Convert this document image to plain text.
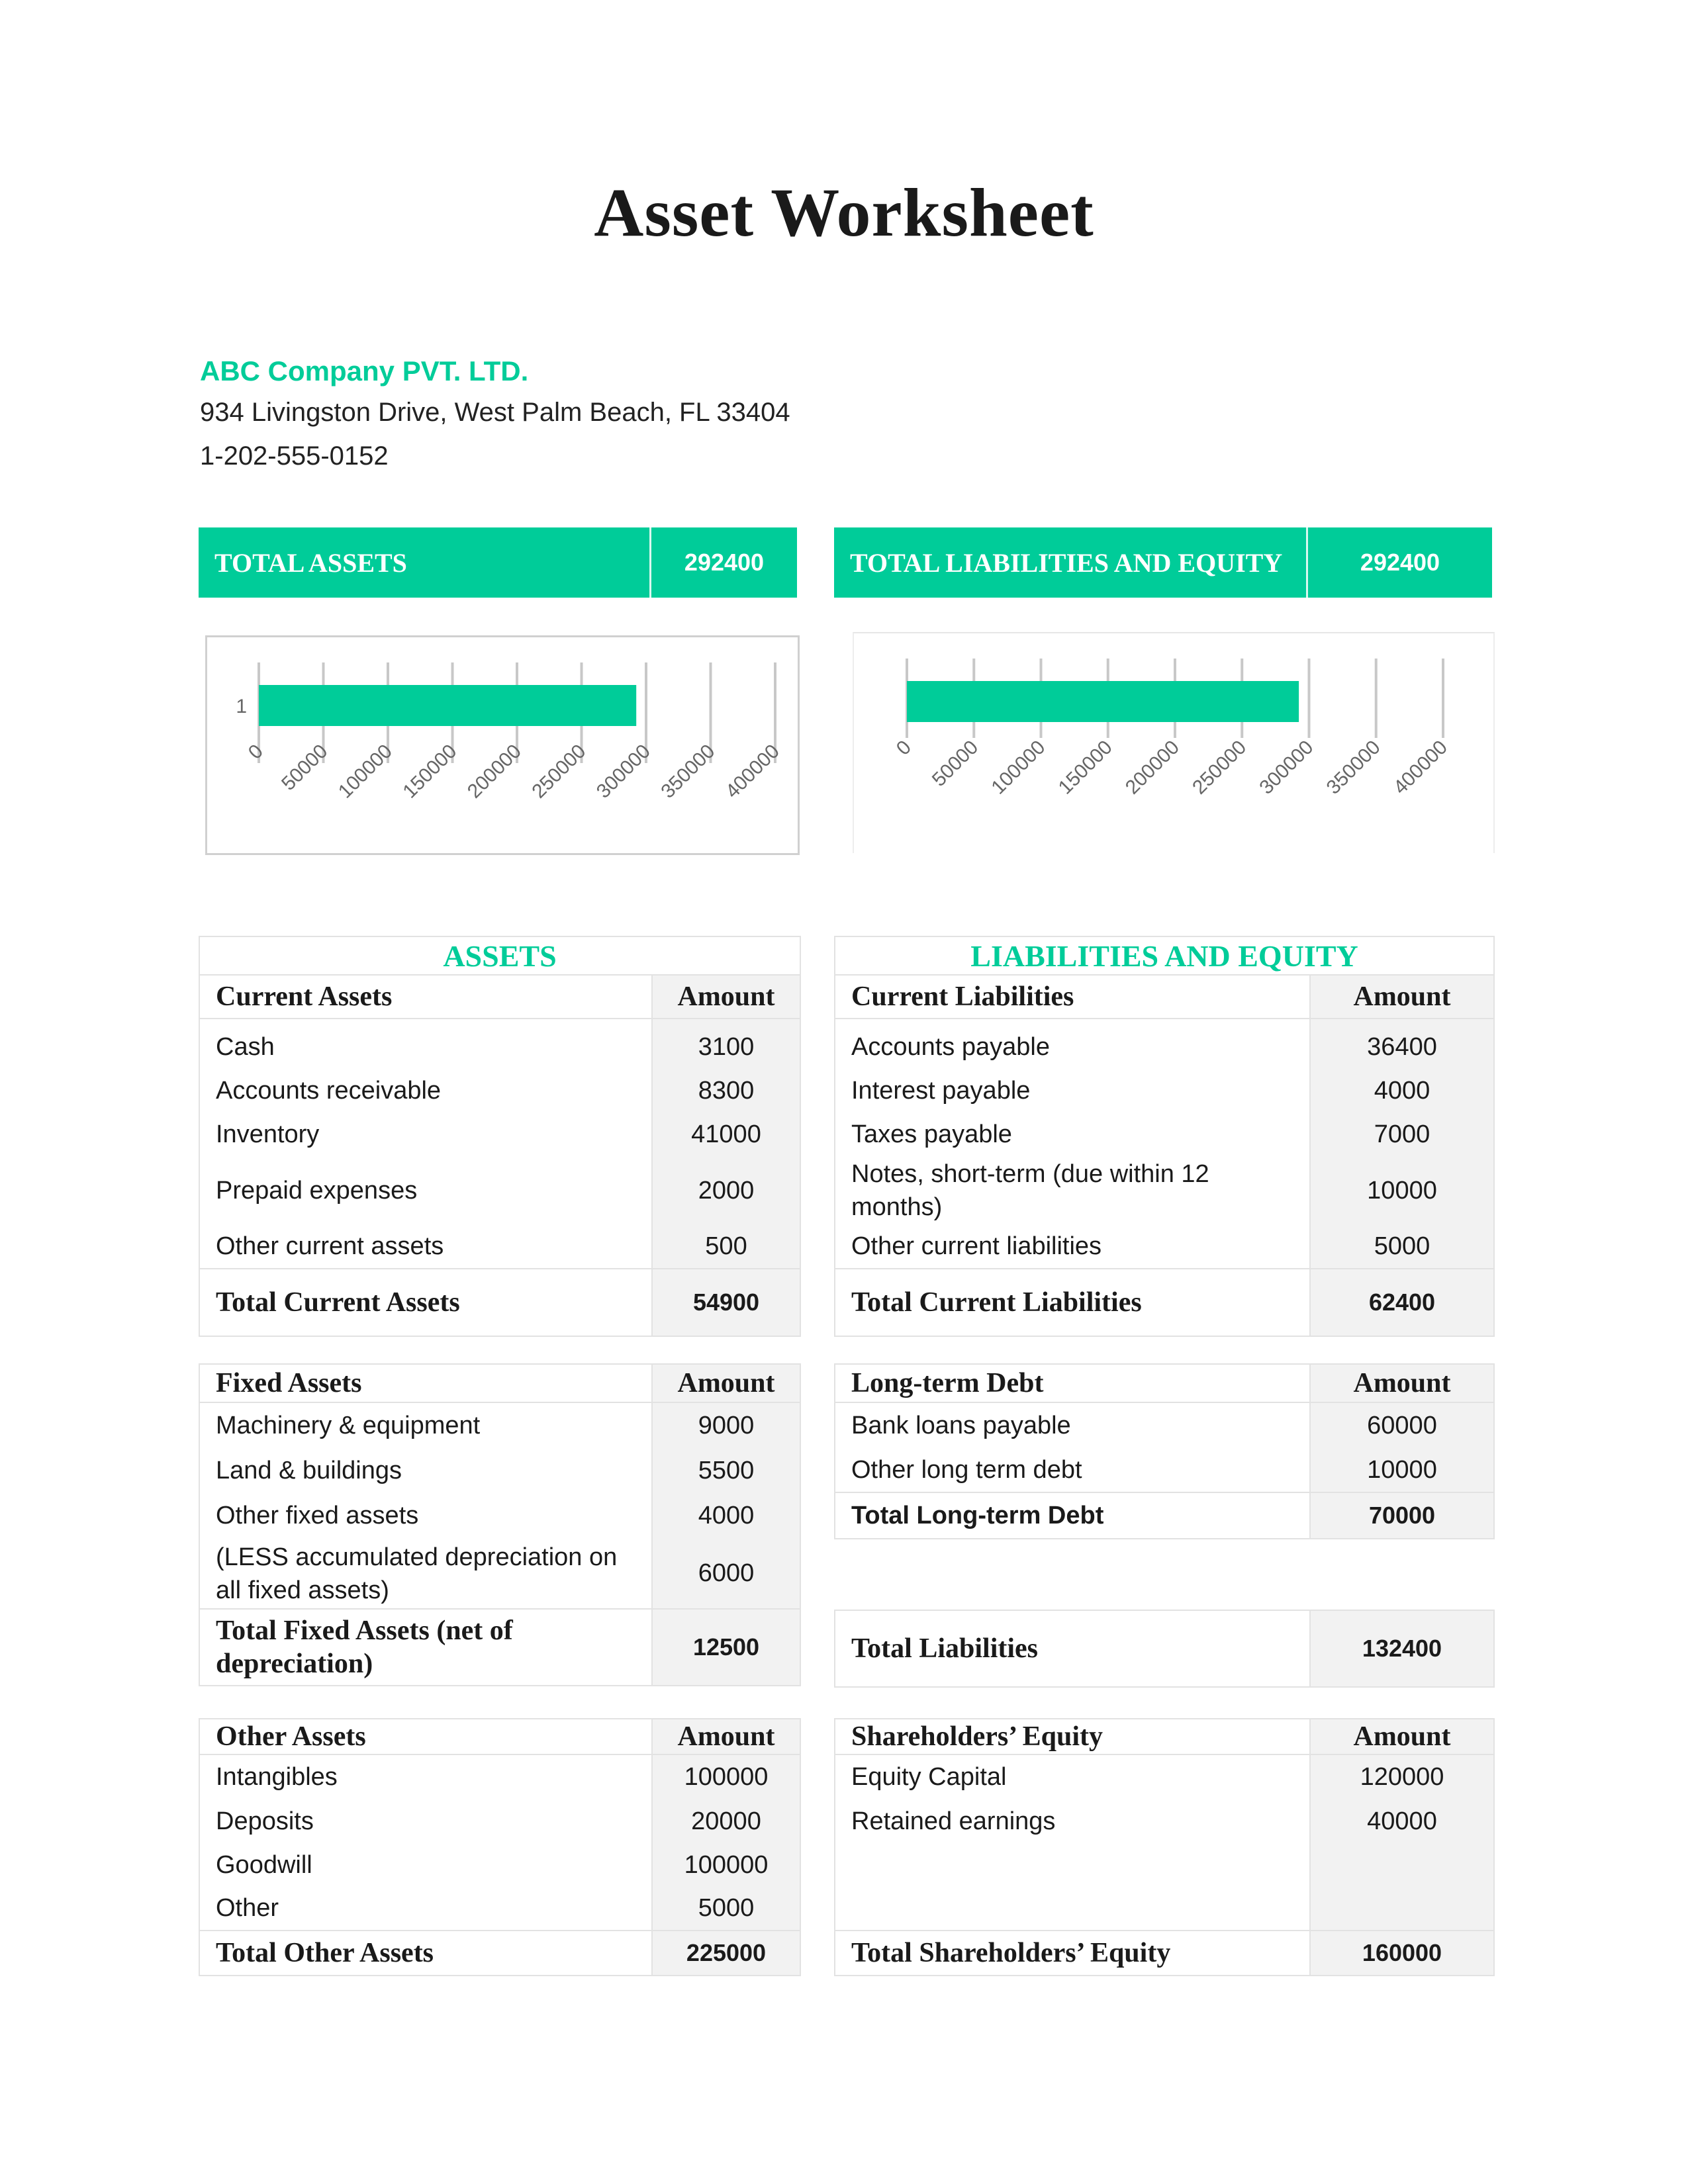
Asset Worksheet
ABC Company PVT. LTD.
934 Livingston Drive, West Palm Beach, FL 33404
1-202-555-0152
TOTAL ASSETS	292400	TOTAL LIABILITIES AND EQUITY	292400
1
0 50000 100000 150000 200000 250000 300000 350000 400000	0 50000 100000 150000 200000 250000 300000 350000 400000
ASSETS	
Current Assets	Amount
Cash	3100
Accounts receivable	8300
Inventory	41000
Prepaid expenses	2000
Other current assets	500
Total Current Assets	54900
LIABILITIES AND EQUITY	
Current Liabilities	Amount
Accounts payable	36400
Interest payable	4000
Taxes payable	7000
Notes, short-term (due within 12 months)	10000
Other current liabilities	5000
Total Current Liabilities	62400
Fixed Assets	Amount
Machinery & equipment	9000
Land & buildings	5500
Other fixed assets	4000
(LESS accumulated depreciation on all fixed assets)	6000
Total Fixed Assets (net of depreciation)	12500
Long-term Debt	Amount
Bank loans payable	60000
Other long term debt	10000
Total Long-term Debt	70000
Total Liabilities	132400
Other Assets	Amount
Intangibles	100000
Deposits	20000
Goodwill	100000
Other	5000
Total Other Assets	225000
Shareholders’ Equity	Amount
Equity Capital	120000
Retained earnings	40000

Total Shareholders’ Equity	160000
